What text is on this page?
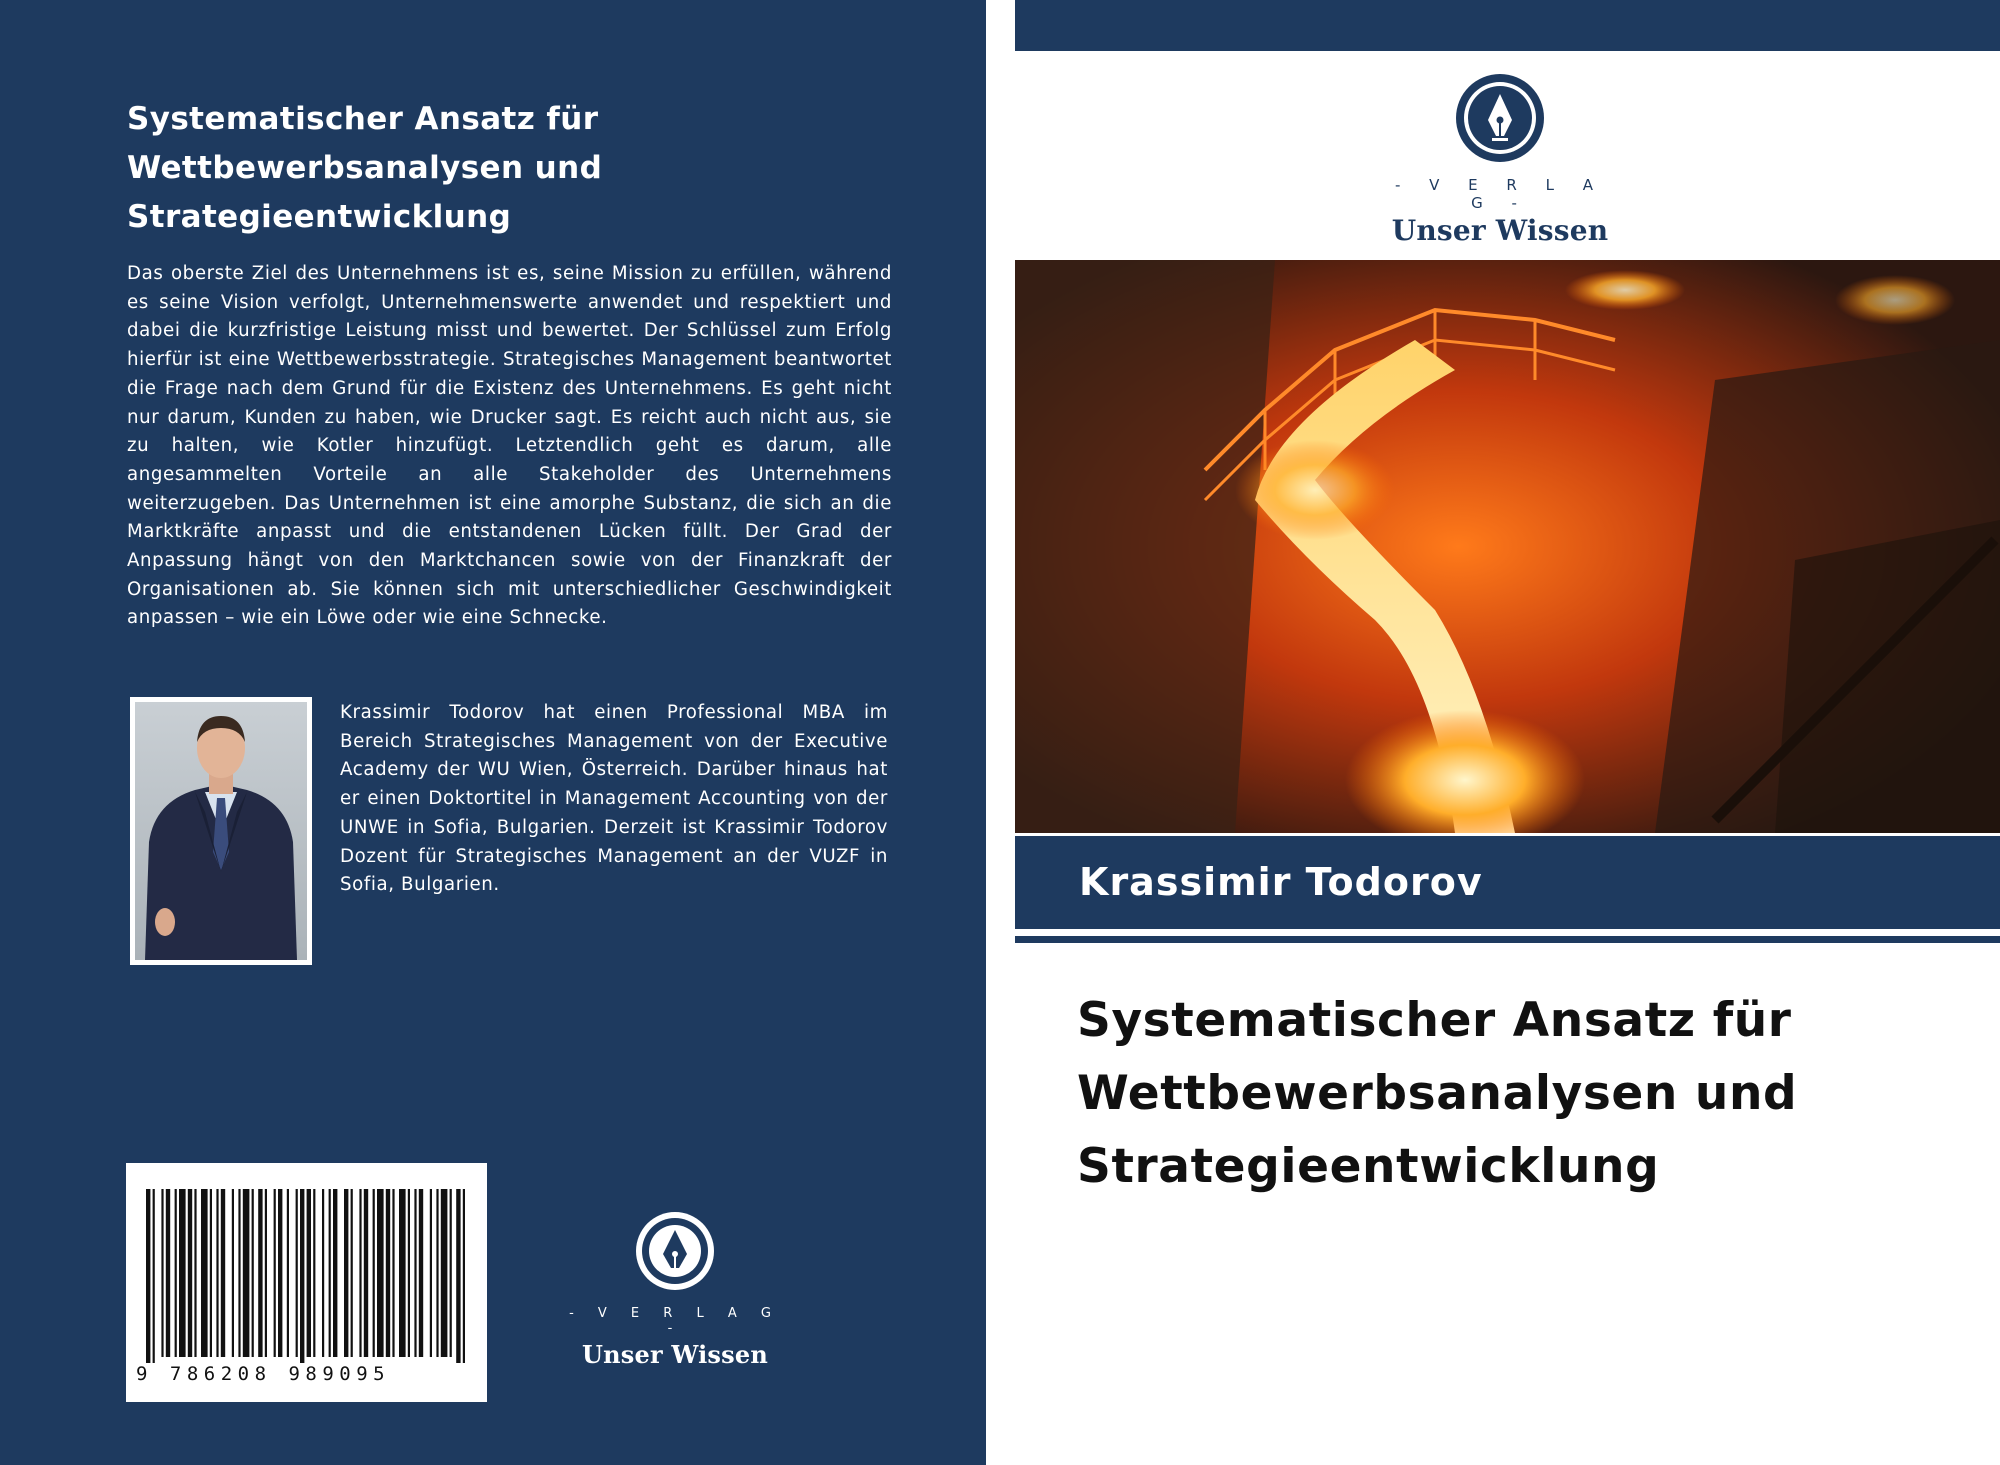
Systematischer Ansatz für Wettbewerbsanalysen und Strategieentwicklung

Das oberste Ziel des Unternehmens ist es, seine Mission zu erfüllen, während es seine Vision verfolgt, Unternehmenswerte anwendet und respektiert und dabei die kurzfristige Leistung misst und bewertet. Der Schlüssel zum Erfolg hierfür ist eine Wettbewerbsstrategie. Strategisches Management beantwortet die Frage nach dem Grund für die Existenz des Unternehmens. Es geht nicht nur darum, Kunden zu haben, wie Drucker sagt. Es reicht auch nicht aus, sie zu halten, wie Kotler hinzufügt. Letztendlich geht es darum, alle angesammelten Vorteile an alle Stakeholder des Unternehmens weiterzugeben. Das Unternehmen ist eine amorphe Substanz, die sich an die Marktkräfte anpasst und die entstandenen Lücken füllt. Der Grad der Anpassung hängt von den Marktchancen sowie von der Finanzkraft der Organisationen ab. Sie können sich mit unterschiedlicher Geschwindigkeit anpassen – wie ein Löwe oder wie eine Schnecke.

Krassimir Todorov hat einen Professional MBA im Bereich Strategisches Management von der Executive Academy der WU Wien, Österreich. Darüber hinaus hat er einen Doktortitel in Management Accounting von der UNWE in Sofia, Bulgarien. Derzeit ist Krassimir Todorov Dozent für Strategisches Management an der VUZF in Sofia, Bulgarien.

9 786208 989095
- V E R L A G -
Unser Wissen
- V E R L A G -
Unser Wissen
Krassimir Todorov
Systematischer Ansatz für Wettbewerbsanalysen und Strategieentwicklung
